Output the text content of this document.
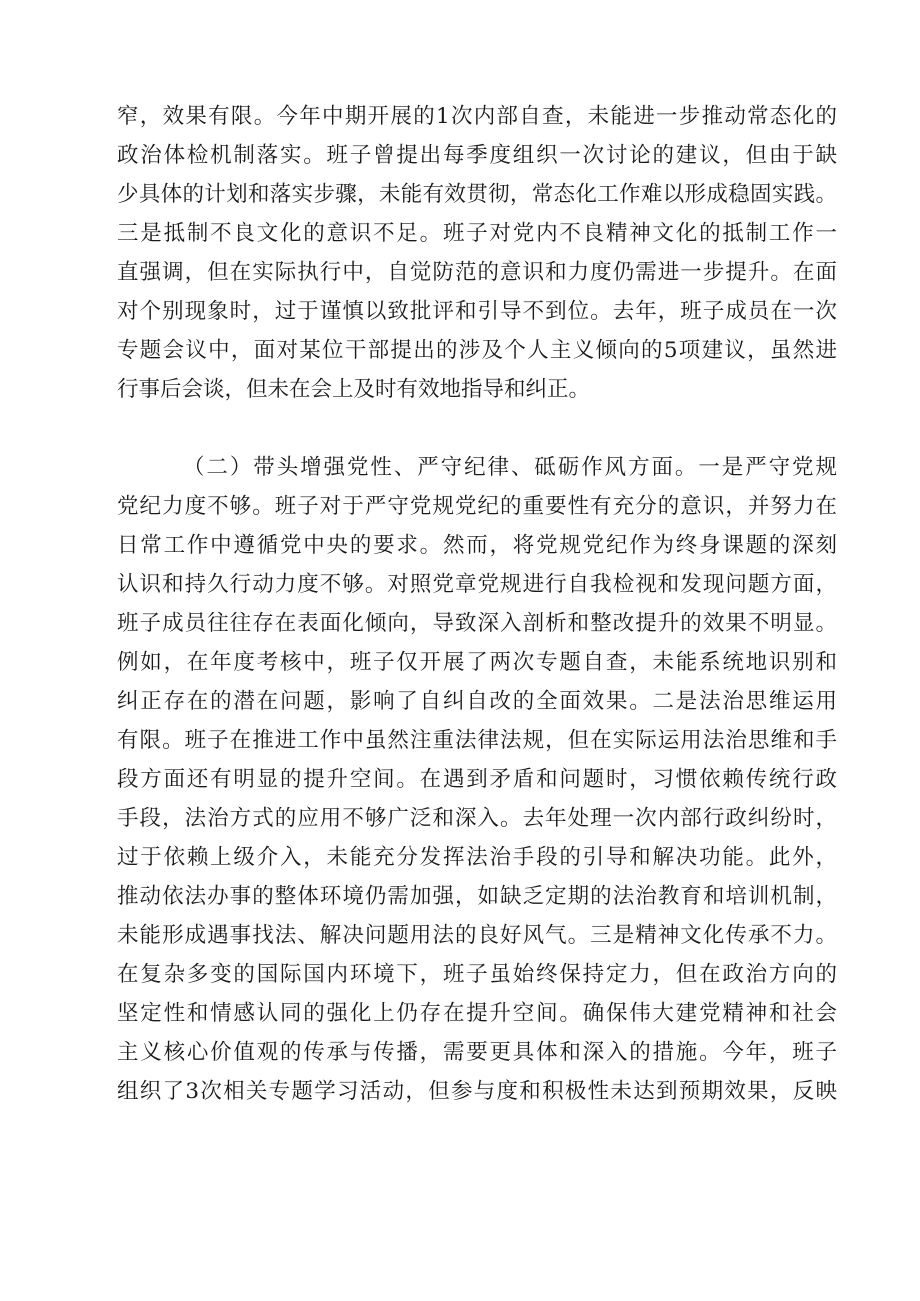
窄，效果有限。今年中期开展的1次内部自查，未能进一步推动常态化的
政治体检机制落实。班子曾提出每季度组织一次讨论的建议，但由于缺
少具体的计划和落实步骤，未能有效贯彻，常态化工作难以形成稳固实践。
三是抵制不良文化的意识不足。班子对党内不良精神文化的抵制工作一
直强调，但在实际执行中，自觉防范的意识和力度仍需进一步提升。在面
对个别现象时，过于谨慎以致批评和引导不到位。去年，班子成员在一次
专题会议中，面对某位干部提出的涉及个人主义倾向的5项建议，虽然进
行事后会谈，但未在会上及时有效地指导和纠正。
（二）带头增强党性、严守纪律、砥砺作风方面。一是严守党规
党纪力度不够。班子对于严守党规党纪的重要性有充分的意识，并努力在
日常工作中遵循党中央的要求。然而，将党规党纪作为终身课题的深刻
认识和持久行动力度不够。对照党章党规进行自我检视和发现问题方面，
班子成员往往存在表面化倾向，导致深入剖析和整改提升的效果不明显。
例如，在年度考核中，班子仅开展了两次专题自查，未能系统地识别和
纠正存在的潜在问题，影响了自纠自改的全面效果。二是法治思维运用
有限。班子在推进工作中虽然注重法律法规，但在实际运用法治思维和手
段方面还有明显的提升空间。在遇到矛盾和问题时，习惯依赖传统行政
手段，法治方式的应用不够广泛和深入。去年处理一次内部行政纠纷时，
过于依赖上级介入，未能充分发挥法治手段的引导和解决功能。此外，
推动依法办事的整体环境仍需加强，如缺乏定期的法治教育和培训机制，
未能形成遇事找法、解决问题用法的良好风气。三是精神文化传承不力。
在复杂多变的国际国内环境下，班子虽始终保持定力，但在政治方向的
坚定性和情感认同的强化上仍存在提升空间。确保伟大建党精神和社会
主义核心价值观的传承与传播，需要更具体和深入的措施。今年，班子
组织了3次相关专题学习活动，但参与度和积极性未达到预期效果，反映
